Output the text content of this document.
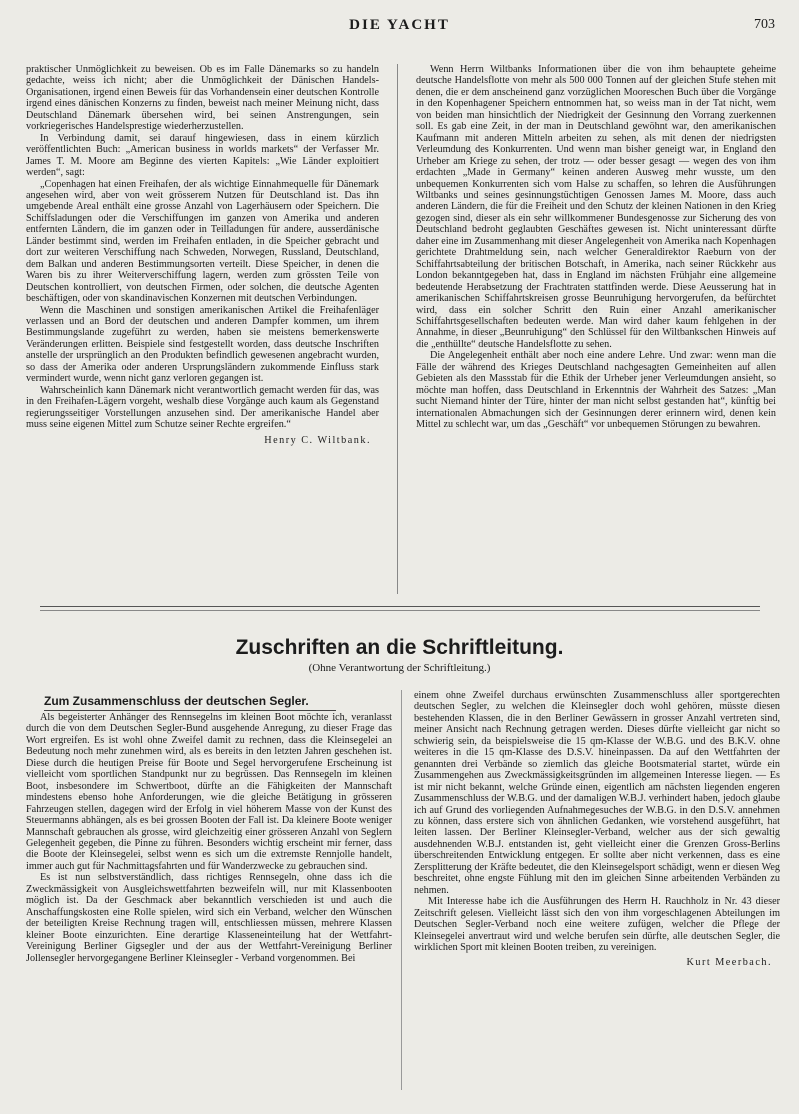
DIE YACHT	703

praktischer Unmöglichkeit zu beweisen. Ob es im Falle Dänemarks so zu handeln gedachte, weiss ich nicht; aber die Unmöglichkeit der Dänischen Handels-Organisationen, irgend einen Beweis für das Vorhandensein einer deutschen Kontrolle irgend eines dänischen Konzerns zu finden, beweist nach meiner Meinung nicht, dass Deutschland Dänemark übersehen wird, bei seinen Anstrengungen, sein vorkriegerisches Handelsprestige wiederherzustellen.

In Verbindung damit, sei darauf hingewiesen, dass in einem kürzlich veröffentlichten Buch: „American business in worlds markets“ der Verfasser Mr. James T. M. Moore am Beginne des vierten Kapitels: „Wie Länder exploitiert werden“, sagt:

„Copenhagen hat einen Freihafen, der als wichtige Einnahmequelle für Dänemark angesehen wird, aber von weit grösserem Nutzen für Deutschland ist. Das ihn umgebende Areal enthält eine grosse Anzahl von Lagerhäusern oder Speichern. Die Schiffsladungen oder die Verschiffungen im ganzen von Amerika und anderen entfernten Ländern, die im ganzen oder in Teilladungen für andere, ausserdänische Länder bestimmt sind, werden im Freihafen entladen, in die Speicher gebracht und dort zur weiteren Verschiffung nach Schweden, Norwegen, Russland, Deutschland, dem Balkan und anderen Bestimmungsorten verteilt. Diese Speicher, in denen die Waren bis zu ihrer Weiterverschiffung lagern, werden zum grössten Teile von Deutschen kontrolliert, von deutschen Firmen, oder solchen, die deutsche Agenten beschäftigen, oder von skandinavischen Konzernen mit deutschen Verbindungen.

Wenn die Maschinen und sonstigen amerikanischen Artikel die Freihafenläger verlassen und an Bord der deutschen und anderen Dampfer kommen, um ihrem Bestimmungslande zugeführt zu werden, haben sie meistens bemerkenswerte Veränderungen erlitten. Beispiele sind festgestellt worden, dass deutsche Inschriften anstelle der ursprünglich an den Produkten befindlich gewesenen angebracht wurden, so dass der Amerika oder anderen Ursprungsländern zukommende Einfluss stark vermindert wurde, wenn nicht ganz verloren gegangen ist.

Wahrscheinlich kann Dänemark nicht verantwortlich gemacht werden für das, was in den Freihafen-Lägern vorgeht, weshalb diese Vorgänge auch kaum als Gegenstand regierungsseitiger Vorstellungen anzusehen sind. Der amerikanische Handel aber muss seine eigenen Mittel zum Schutze seiner Rechte ergreifen.“

Henry C. Wiltbank.

Wenn Herrn Wiltbanks Informationen über die von ihm behauptete geheime deutsche Handelsflotte von mehr als 500 000 Tonnen auf der gleichen Stufe stehen mit denen, die er dem anscheinend ganz vorzüglichen Mooreschen Buch über die Vorgänge in den Kopenhagener Speichern entnommen hat, so weiss man in der Tat nicht, wem von beiden man hinsichtlich der Niedrigkeit der Gesinnung den Vorrang zuerkennen soll. Es gab eine Zeit, in der man in Deutschland gewöhnt war, den amerikanischen Kaufmann mit anderen Mitteln arbeiten zu sehen, als mit denen der niedrigsten Verleumdung des Konkurrenten. Und wenn man bisher geneigt war, in England den Urheber am Kriege zu sehen, der trotz — oder besser gesagt — wegen des von ihm erdachten „Made in Germany“ keinen anderen Ausweg mehr wusste, um den unbequemen Konkurrenten sich vom Halse zu schaffen, so lehren die Ausführungen Wiltbanks und seines gesinnungstüchtigen Genossen James M. Moore, dass auch anderen Ländern, die für die Freiheit und den Schutz der kleinen Nationen in den Krieg gezogen sind, dieser als ein sehr willkommener Bundesgenosse zur Sicherung des von Deutschland bedroht geglaubten Geschäftes gewesen ist. Nicht uninteressant dürfte daher eine im Zusammenhang mit dieser Angelegenheit von Amerika nach Kopenhagen gerichtete Drahtmeldung sein, nach welcher Generaldirektor Raeburn von der Schiffahrtsabteilung der britischen Botschaft, in Amerika, nach seiner Rückkehr aus London bekanntgegeben hat, dass in England im nächsten Frühjahr eine allgemeine bedeutende Herabsetzung der Frachtraten stattfinden werde. Diese Aeusserung hat in amerikanischen Schiffahrtskreisen grosse Beunruhigung hervorgerufen, da befürchtet wird, dass ein solcher Schritt den Ruin einer Anzahl amerikanischer Schiffahrtsgesellschaften bedeuten werde. Man wird daher kaum fehlgehen in der Annahme, in dieser „Beunruhigung“ den Schlüssel für den Wiltbankschen Hinweis auf die „enthüllte“ deutsche Handelsflotte zu sehen.

Die Angelegenheit enthält aber noch eine andere Lehre. Und zwar: wenn man die Fälle der während des Krieges Deutschland nachgesagten Gemeinheiten auf allen Gebieten als den Massstab für die Ethik der Urheber jener Verleumdungen ansieht, so möchte man hoffen, dass Deutschland in Erkenntnis der Wahrheit des Satzes: „Man sucht Niemand hinter der Türe, hinter der man nicht selbst gestanden hat“, künftig bei internationalen Abmachungen sich der Gesinnungen derer erinnern wird, denen kein Mittel zu schlecht war, um das „Geschäft“ vor unbequemen Störungen zu bewahren.

Zuschriften an die Schriftleitung.
(Ohne Verantwortung der Schriftleitung.)
Zum Zusammenschluss der deutschen Segler.

Als begeisterter Anhänger des Rennsegelns im kleinen Boot möchte ich, veranlasst durch die von dem Deutschen Segler-Bund ausgehende Anregung, zu dieser Frage das Wort ergreifen. Es ist wohl ohne Zweifel damit zu rechnen, dass die Kleinsegelei an Bedeutung noch mehr zunehmen wird, als es bereits in den letzten Jahren geschehen ist. Diese durch die heutigen Preise für Boote und Segel hervorgerufene Erscheinung ist vielleicht vom sportlichen Standpunkt nur zu begrüssen. Das Rennsegeln im kleinen Boot, insbesondere im Schwertboot, dürfte an die Fähigkeiten der Mannschaft mindestens ebenso hohe Anforderungen, wie die gleiche Betätigung in grösseren Fahrzeugen stellen, dagegen wird der Erfolg in viel höherem Masse von der Kunst des Steuermanns abhängen, als es bei grossen Booten der Fall ist. Da kleinere Boote weniger Mannschaft gebrauchen als grosse, wird gleichzeitig einer grösseren Anzahl von Seglern Gelegenheit gegeben, die Pinne zu führen. Besonders wichtig erscheint mir ferner, dass die Boote der Kleinsegelei, selbst wenn es sich um die extremste Rennjolle handelt, immer auch gut für Nachmittagsfahrten und für Wanderzwecke zu gebrauchen sind.

Es ist nun selbstverständlich, dass richtiges Rennsegeln, ohne dass ich die Zweckmässigkeit von Ausgleichswettfahrten bezweifeln will, nur mit Klassenbooten möglich ist. Da der Geschmack aber bekanntlich verschieden ist und auch die Anschaffungskosten eine Rolle spielen, wird sich ein Verband, welcher den Wünschen der beteiligten Kreise Rechnung tragen will, entschliessen müssen, mehrere Klassen kleiner Boote einzurichten. Eine derartige Klasseneinteilung hat der Wettfahrt-Vereinigung Berliner Gigsegler und der aus der Wettfahrt-Vereinigung Berliner Jollensegler hervorgegangene Berliner Kleinsegler - Verband vorgenommen. Bei

einem ohne Zweifel durchaus erwünschten Zusammenschluss aller sportgerechten deutschen Segler, zu welchen die Kleinsegler doch wohl gehören, müsste diesen bestehenden Klassen, die in den Berliner Gewässern in grosser Anzahl vertreten sind, meiner Ansicht nach Rechnung getragen werden. Dieses dürfte vielleicht gar nicht so schwierig sein, da beispielsweise die 15 qm-Klasse der W.B.G. und des B.K.V. ohne weiteres in die 15 qm-Klasse des D.S.V. hineinpassen. Da auf den Wettfahrten der genannten drei Verbände so ziemlich das gleiche Bootsmaterial startet, würde ein Zusammengehen aus Zweckmässigkeitsgründen im allgemeinen Interesse liegen. — Es ist mir nicht bekannt, welche Gründe einen, eigentlich am nächsten liegenden engeren Zusammenschluss der W.B.G. und der damaligen W.B.J. verhindert haben, jedoch glaube ich auf Grund des vorliegenden Aufnahmegesuches der W.B.G. in den D.S.V. annehmen zu können, dass erstere sich von ähnlichen Gedanken, wie vorstehend ausgeführt, hat leiten lassen. Der Berliner Kleinsegler-Verband, welcher aus der sich gewaltig ausdehnenden W.B.J. entstanden ist, geht vielleicht einer die Grenzen Gross-Berlins überschreitenden Entwicklung entgegen. Er sollte aber nicht verkennen, dass es eine Zersplitterung der Kräfte bedeutet, die den Kleinsegelsport schädigt, wenn er diesen Weg beschreitet, ohne engste Fühlung mit den im gleichen Sinne arbeitenden Verbänden zu nehmen.

Mit Interesse habe ich die Ausführungen des Herrn H. Rauchholz in Nr. 43 dieser Zeitschrift gelesen. Vielleicht lässt sich den von ihm vorgeschlagenen Abteilungen im Deutschen Segler-Verband noch eine weitere zufügen, welcher die Pflege der Kleinsegelei anvertraut wird und welche berufen sein dürfte, alle deutschen Segler, die wirklichen Sport mit kleinen Booten treiben, zu vereinigen.

Kurt Meerbach.
